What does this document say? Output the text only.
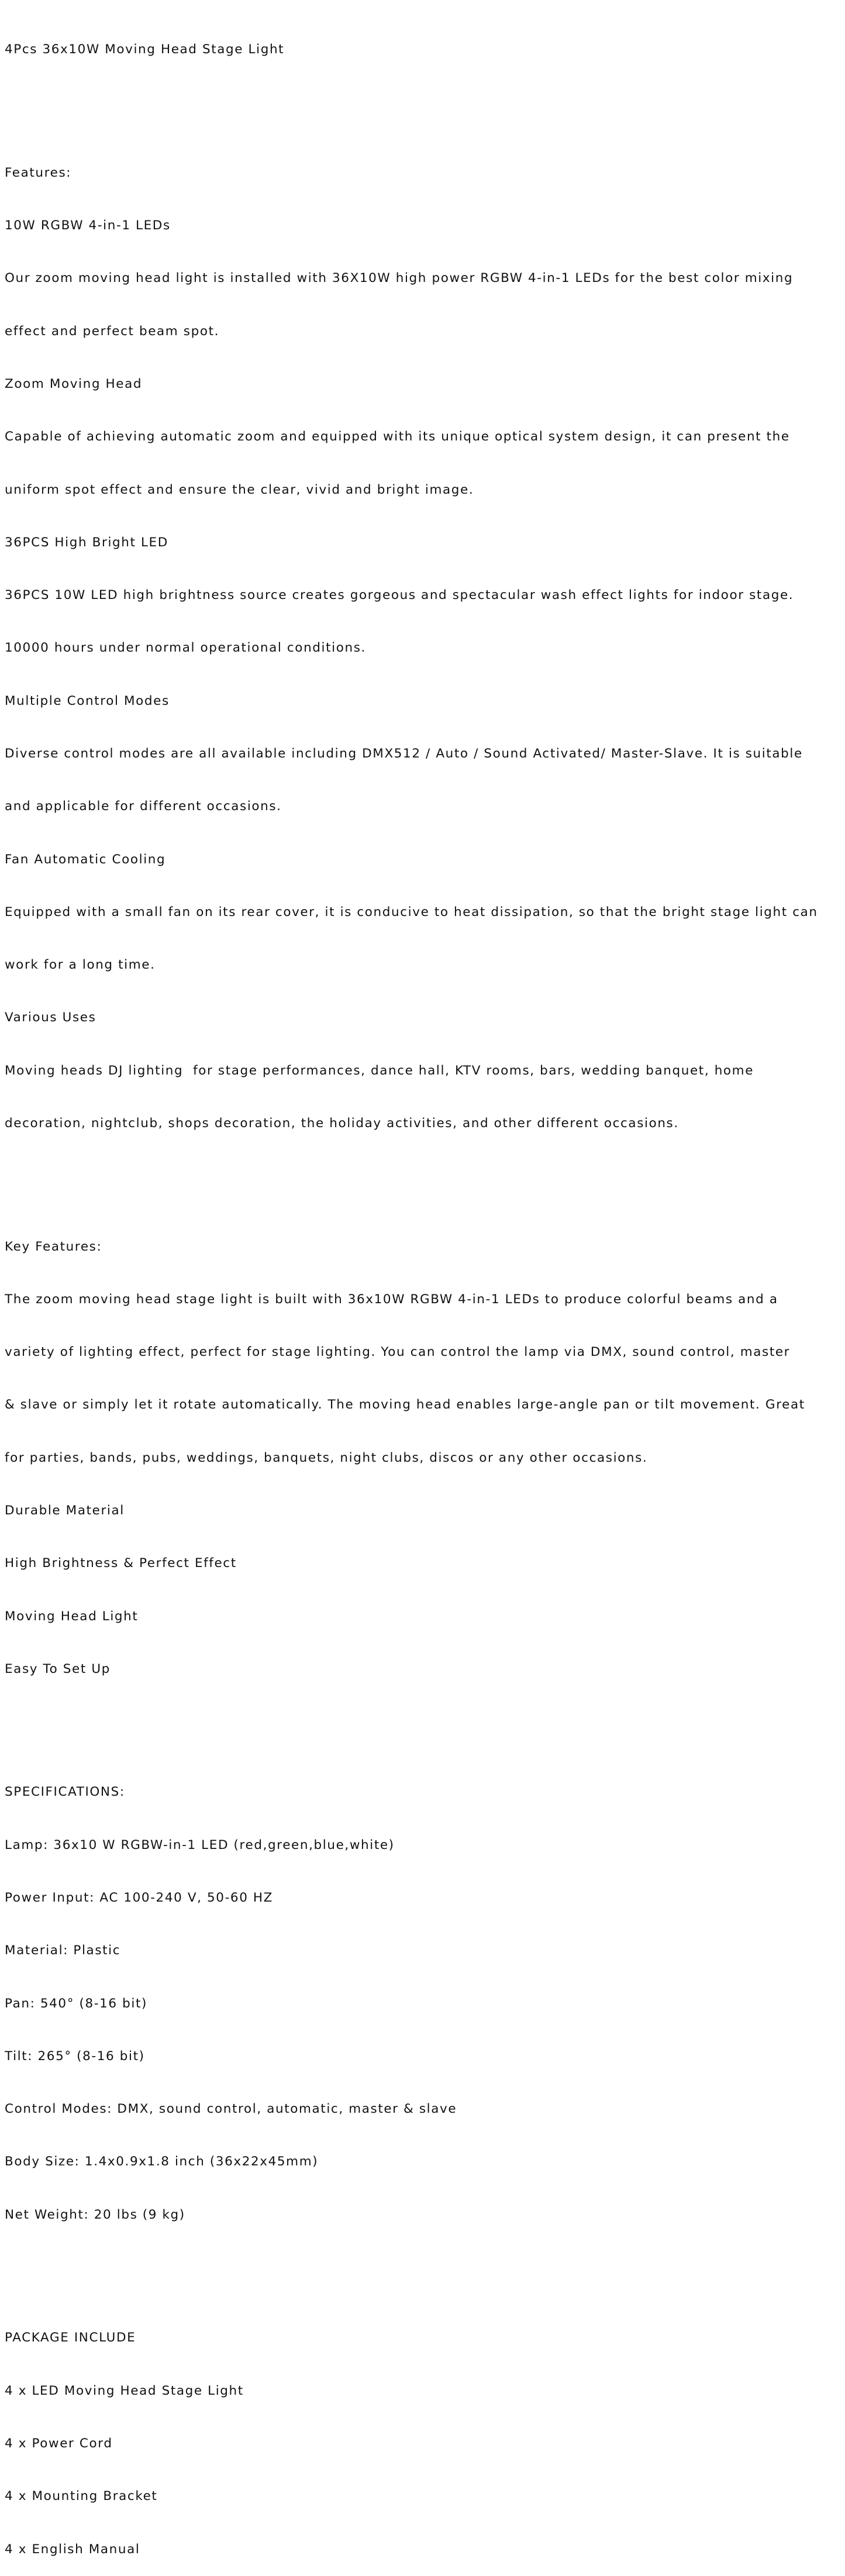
4Pcs 36x10W Moving Head Stage Light

Features:

10W RGBW 4-in-1 LEDs

Our zoom moving head light is installed with 36X10W high power RGBW 4-in-1 LEDs for the best color mixing

effect and perfect beam spot.

Zoom Moving Head

Capable of achieving automatic zoom and equipped with its unique optical system design, it can present the

uniform spot effect and ensure the clear, vivid and bright image.

36PCS High Bright LED

36PCS 10W LED high brightness source creates gorgeous and spectacular wash effect lights for indoor stage.

10000 hours under normal operational conditions.

Multiple Control Modes

Diverse control modes are all available including DMX512 / Auto / Sound Activated/ Master-Slave. It is suitable

and applicable for different occasions.

Fan Automatic Cooling

Equipped with a small fan on its rear cover, it is conducive to heat dissipation, so that the bright stage light can

work for a long time.

Various Uses

Moving heads DJ lighting  for stage performances, dance hall, KTV rooms, bars, wedding banquet, home

decoration, nightclub, shops decoration, the holiday activities, and other different occasions.

Key Features:

The zoom moving head stage light is built with 36x10W RGBW 4-in-1 LEDs to produce colorful beams and a

variety of lighting effect, perfect for stage lighting. You can control the lamp via DMX, sound control, master

& slave or simply let it rotate automatically. The moving head enables large-angle pan or tilt movement. Great

for parties, bands, pubs, weddings, banquets, night clubs, discos or any other occasions.

Durable Material

High Brightness & Perfect Effect

Moving Head Light

Easy To Set Up

SPECIFICATIONS:

Lamp: 36x10 W RGBW-in-1 LED (red,green,blue,white)

Power Input: AC 100-240 V, 50-60 HZ

Material: Plastic

Pan: 540° (8-16 bit)

Tilt: 265° (8-16 bit)

Control Modes: DMX, sound control, automatic, master & slave

Body Size: 1.4x0.9x1.8 inch (36x22x45mm)

Net Weight: 20 lbs (9 kg)

PACKAGE INCLUDE

4 x LED Moving Head Stage Light

4 x Power Cord

4 x Mounting Bracket

4 x English Manual
